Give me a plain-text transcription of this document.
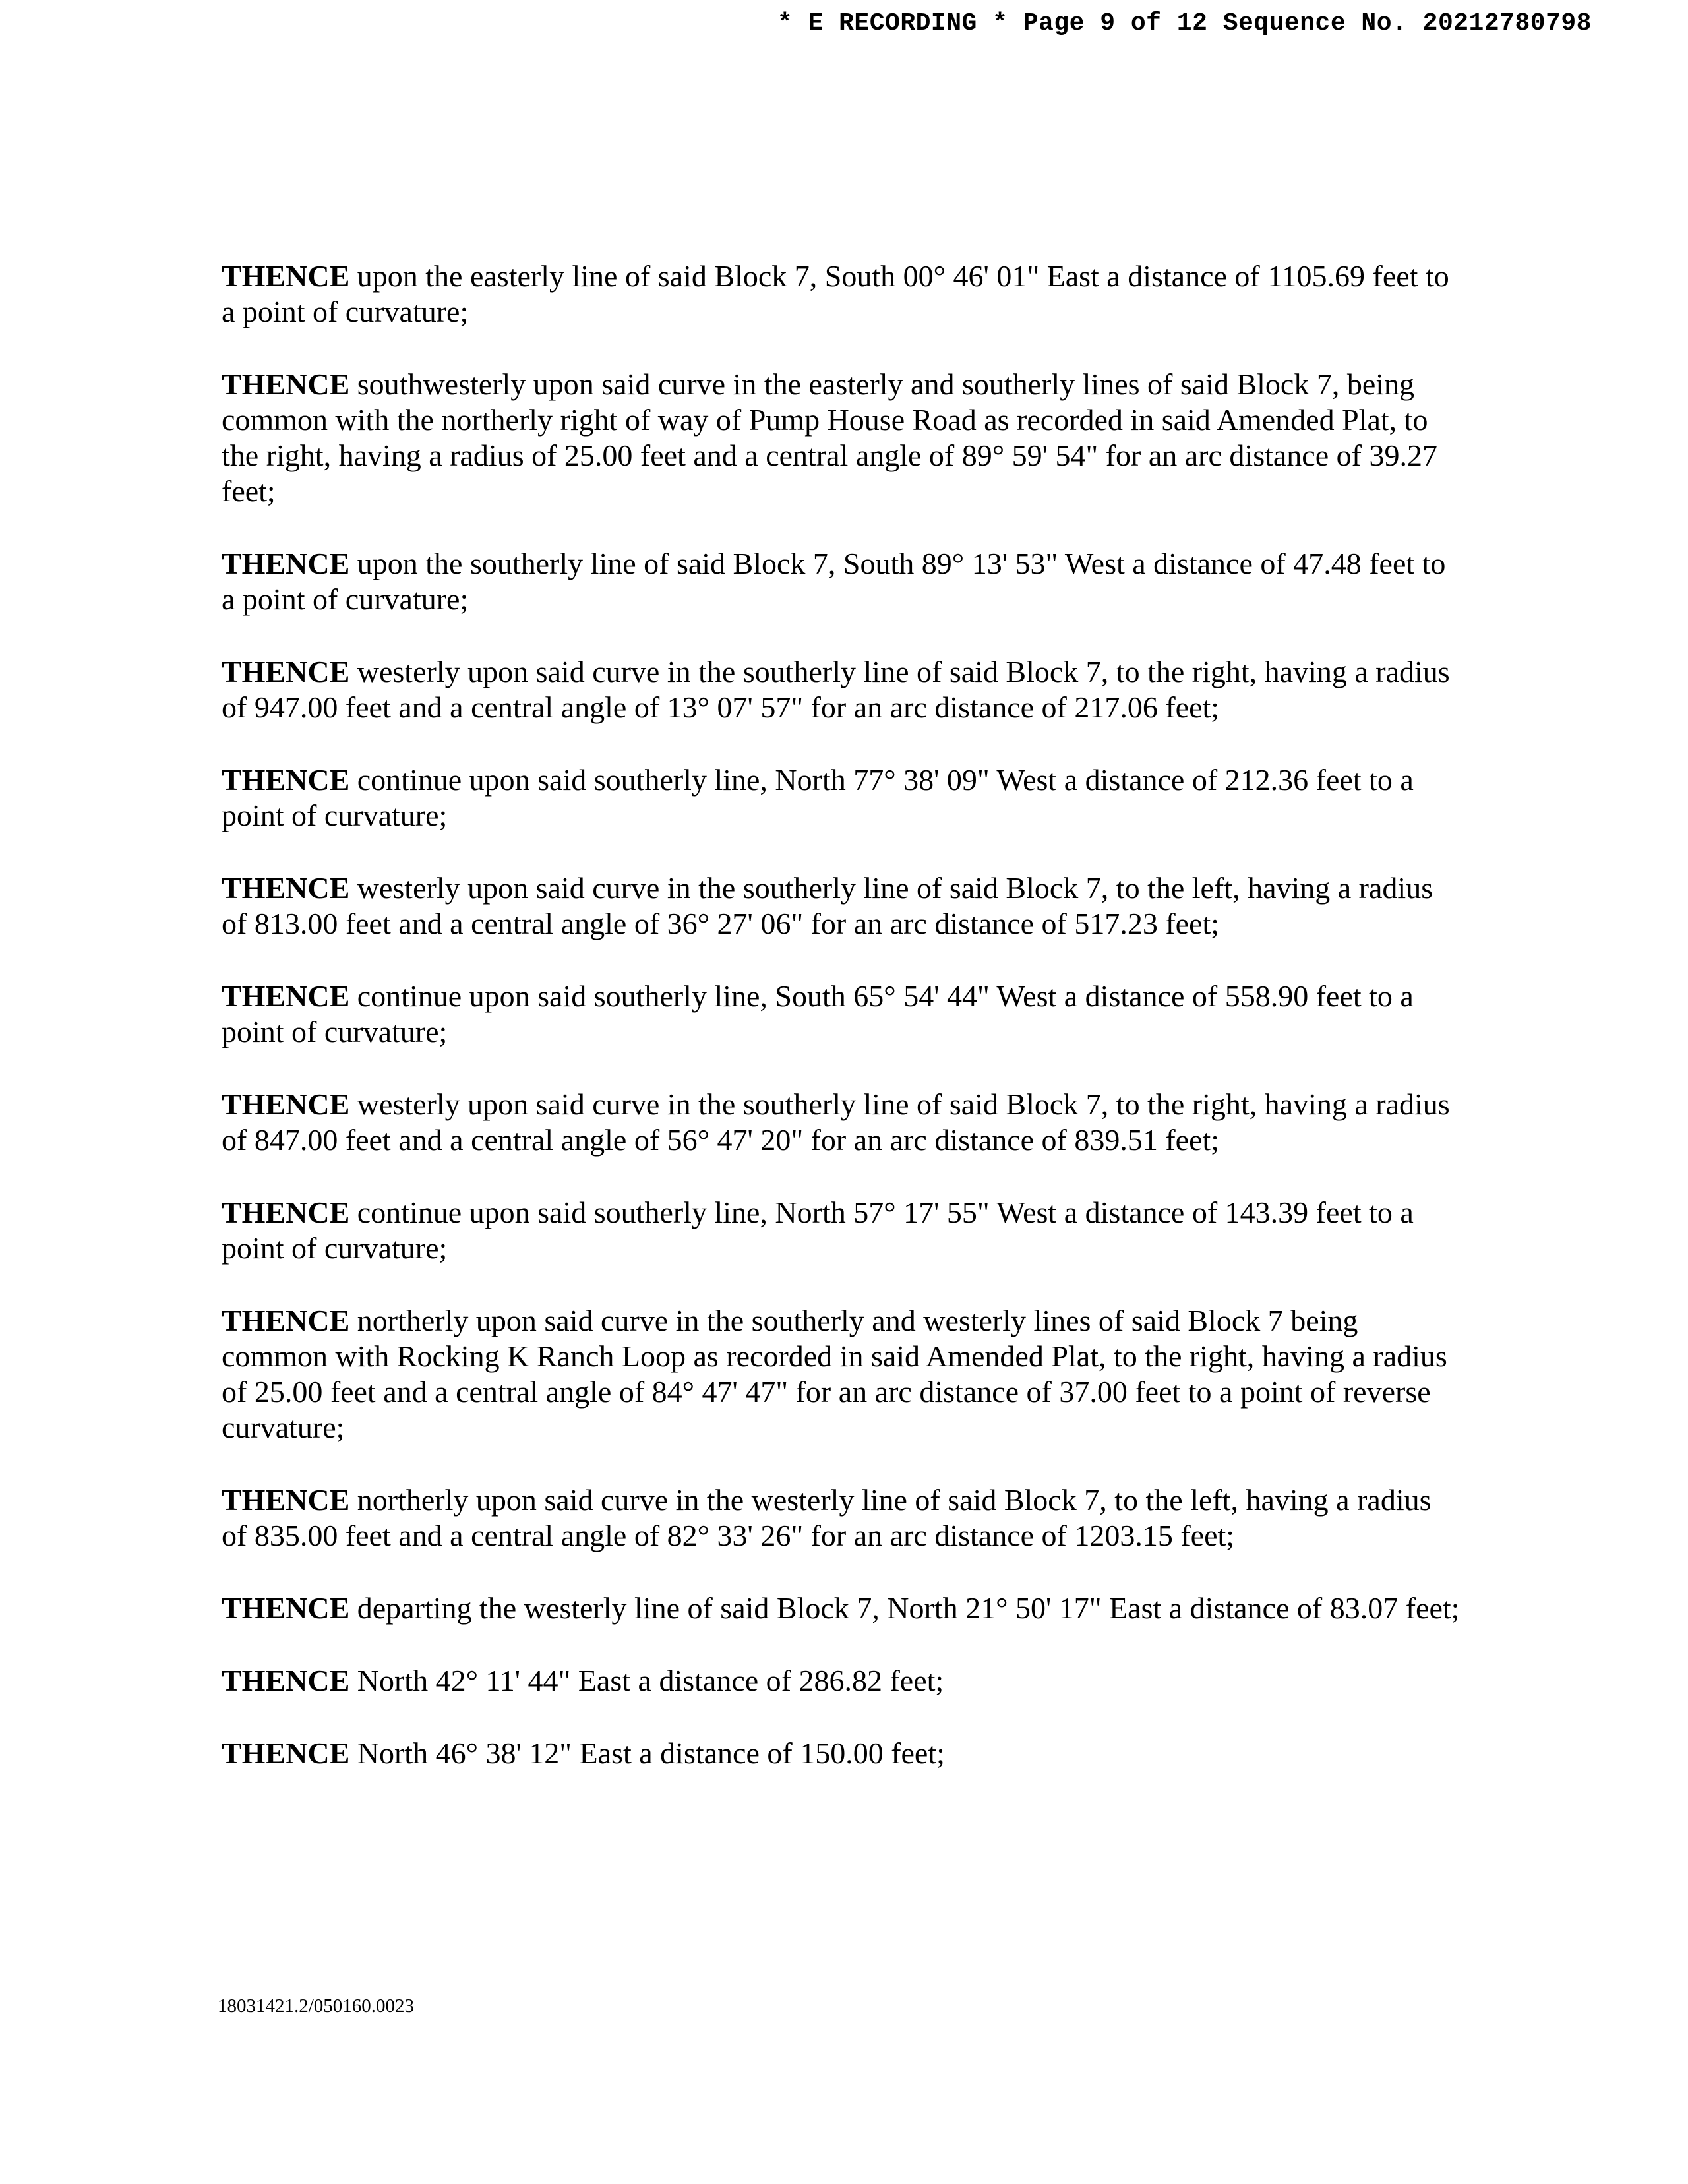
* E RECORDING * Page 9 of 12 Sequence No. 20212780798

THENCE upon the easterly line of said Block 7, South 00° 46' 01" East a distance of 1105.69 feet to a point of curvature;

THENCE southwesterly upon said curve in the easterly and southerly lines of said Block 7, being common with the northerly right of way of Pump House Road as recorded in said Amended Plat, to the right, having a radius of 25.00 feet and a central angle of 89° 59' 54" for an arc distance of 39.27 feet;

THENCE upon the southerly line of said Block 7, South 89° 13' 53" West a distance of 47.48 feet to a point of curvature;

THENCE westerly upon said curve in the southerly line of said Block 7, to the right, having a radius of 947.00 feet and a central angle of 13° 07' 57" for an arc distance of 217.06 feet;

THENCE continue upon said southerly line, North 77° 38' 09" West a distance of 212.36 feet to a point of curvature;

THENCE westerly upon said curve in the southerly line of said Block 7, to the left, having a radius of 813.00 feet and a central angle of 36° 27' 06" for an arc distance of 517.23 feet;

THENCE continue upon said southerly line, South 65° 54' 44" West a distance of 558.90 feet to a point of curvature;

THENCE westerly upon said curve in the southerly line of said Block 7, to the right, having a radius of 847.00 feet and a central angle of 56° 47' 20" for an arc distance of 839.51 feet;

THENCE continue upon said southerly line, North 57° 17' 55" West a distance of 143.39 feet to a point of curvature;

THENCE northerly upon said curve in the southerly and westerly lines of said Block 7 being common with Rocking K Ranch Loop as recorded in said Amended Plat, to the right, having a radius of 25.00 feet and a central angle of 84° 47' 47" for an arc distance of 37.00 feet to a point of reverse curvature;

THENCE northerly upon said curve in the westerly line of said Block 7, to the left, having a radius of 835.00 feet and a central angle of 82° 33' 26" for an arc distance of 1203.15 feet;

THENCE departing the westerly line of said Block 7, North 21° 50' 17" East a distance of 83.07 feet;

THENCE North 42° 11' 44" East a distance of 286.82 feet;

THENCE North 46° 38' 12" East a distance of 150.00 feet;

18031421.2/050160.0023
